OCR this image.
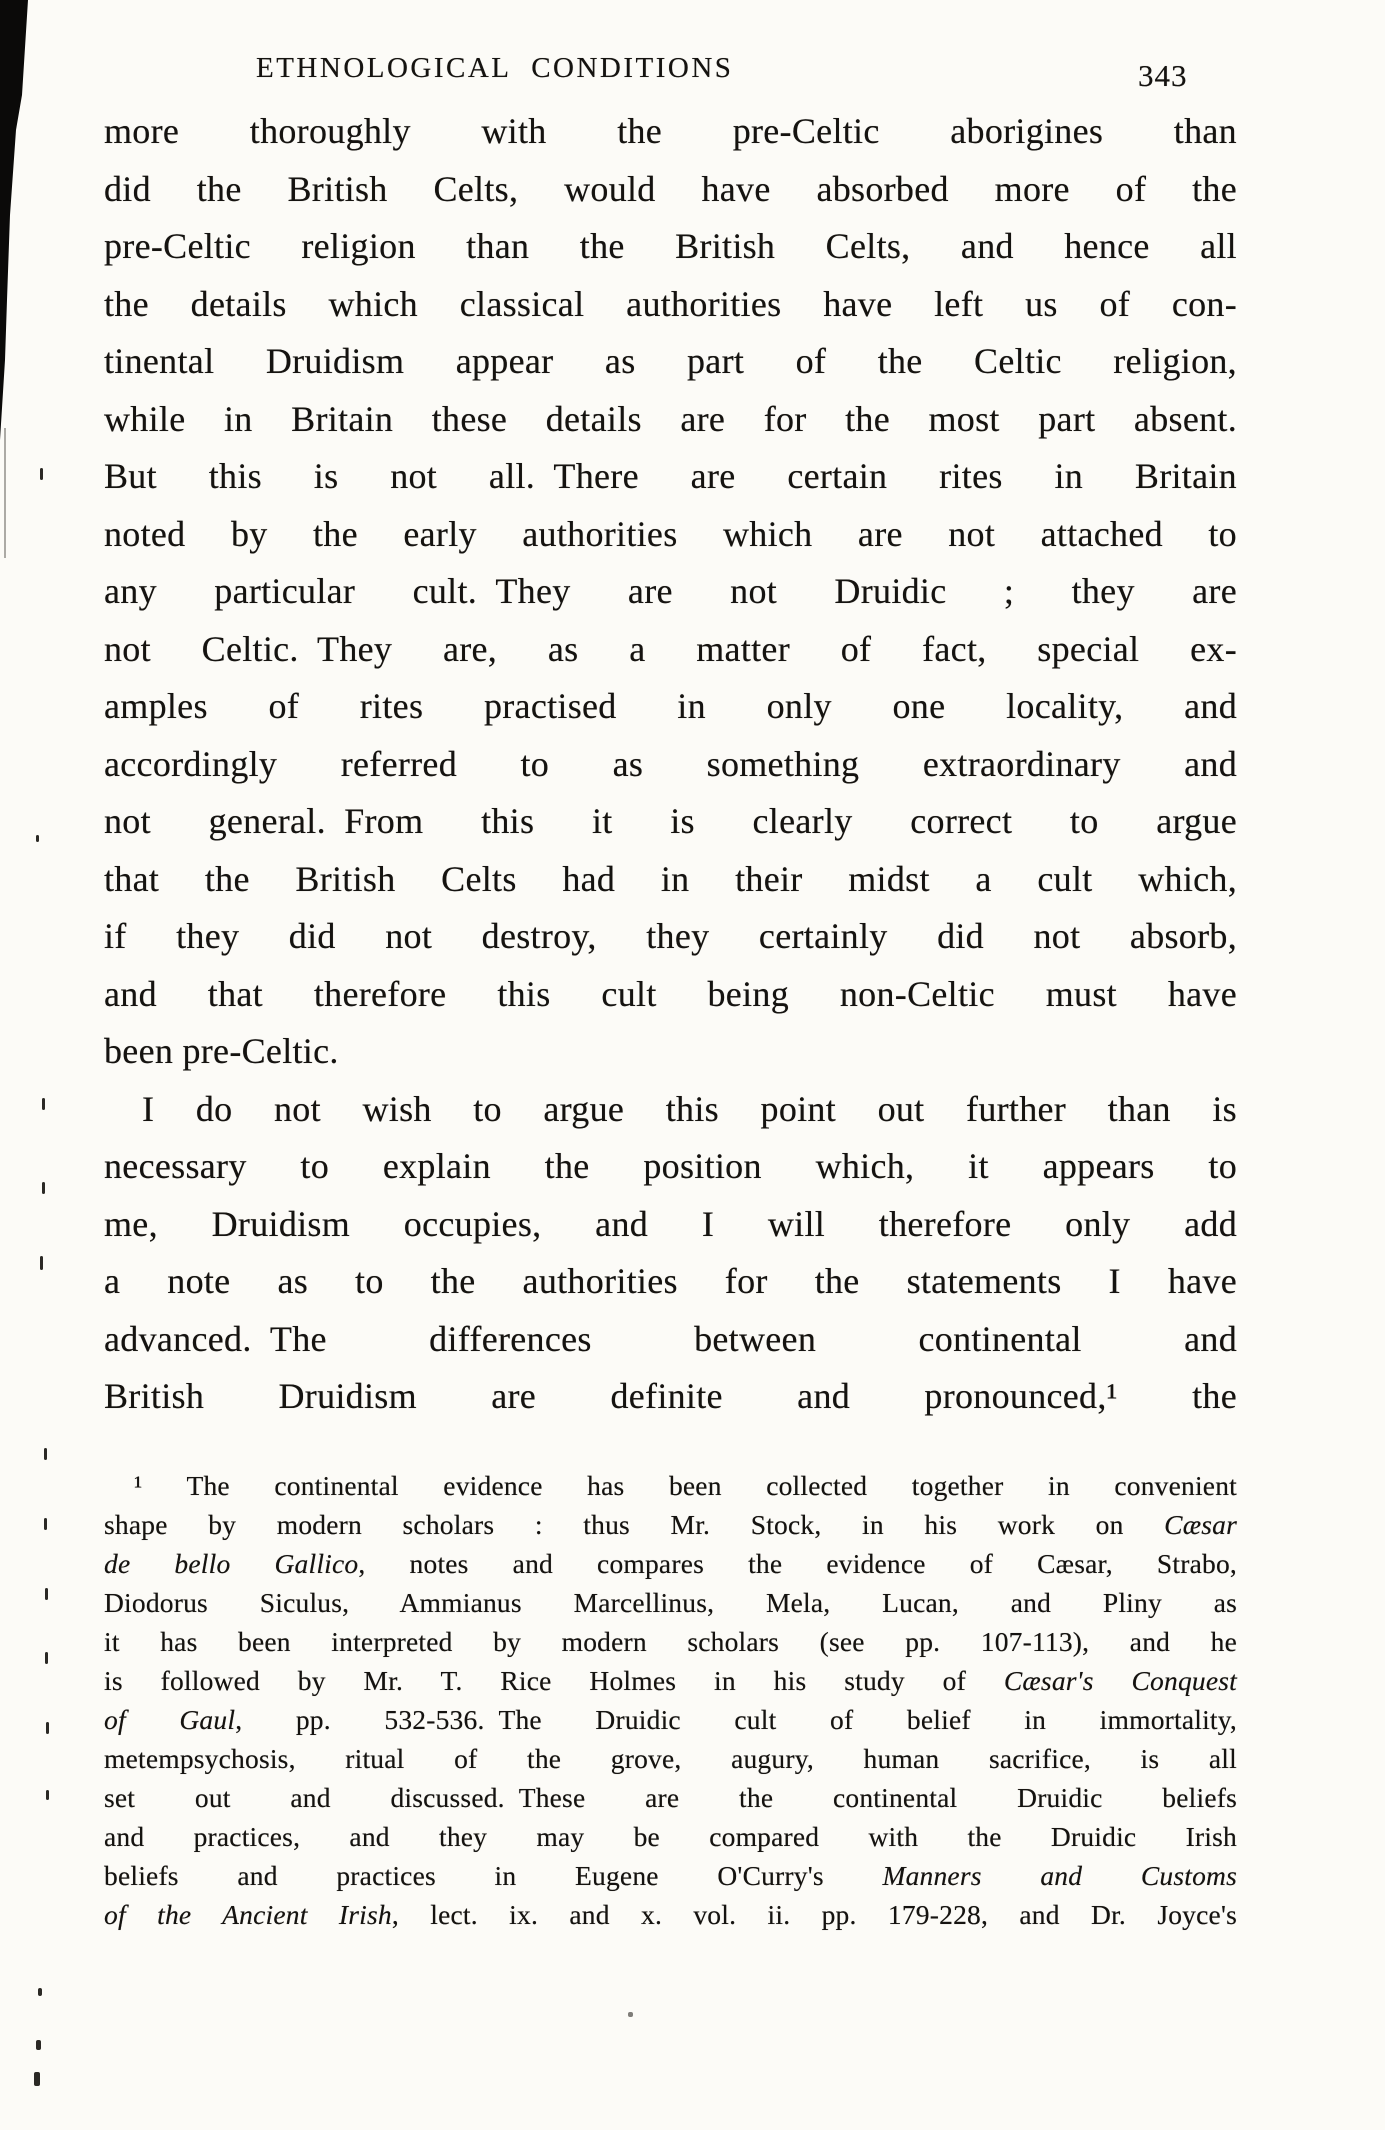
ETHNOLOGICAL CONDITIONS	343
more thoroughly with the pre-Celtic aborigines than
did the British Celts, would have absorbed more of the
pre-Celtic religion than the British Celts, and hence all
the details which classical authorities have left us of con-
tinental Druidism appear as part of the Celtic religion,
while in Britain these details are for the most part absent.
But this is not all. There are certain rites in Britain
noted by the early authorities which are not attached to
any particular cult. They are not Druidic ; they are
not Celtic. They are, as a matter of fact, special ex-
amples of rites practised in only one locality, and
accordingly referred to as something extraordinary and
not general. From this it is clearly correct to argue
that the British Celts had in their midst a cult which,
if they did not destroy, they certainly did not absorb,
and that therefore this cult being non-Celtic must have
been pre-Celtic.
I do not wish to argue this point out further than is
necessary to explain the position which, it appears to
me, Druidism occupies, and I will therefore only add
a note as to the authorities for the statements I have
advanced. The differences between continental and
British Druidism are definite and pronounced,¹ the
¹ The continental evidence has been collected together in convenient
shape by modern scholars : thus Mr. Stock, in his work on Cæsar
de bello Gallico, notes and compares the evidence of Cæsar, Strabo,
Diodorus Siculus, Ammianus Marcellinus, Mela, Lucan, and Pliny as
it has been interpreted by modern scholars (see pp. 107-113), and he
is followed by Mr. T. Rice Holmes in his study of Cæsar's Conquest
of Gaul, pp. 532-536. The Druidic cult of belief in immortality,
metempsychosis, ritual of the grove, augury, human sacrifice, is all
set out and discussed. These are the continental Druidic beliefs
and practices, and they may be compared with the Druidic Irish
beliefs and practices in Eugene O'Curry's Manners and Customs
of the Ancient Irish, lect. ix. and x. vol. ii. pp. 179-228, and Dr. Joyce's
